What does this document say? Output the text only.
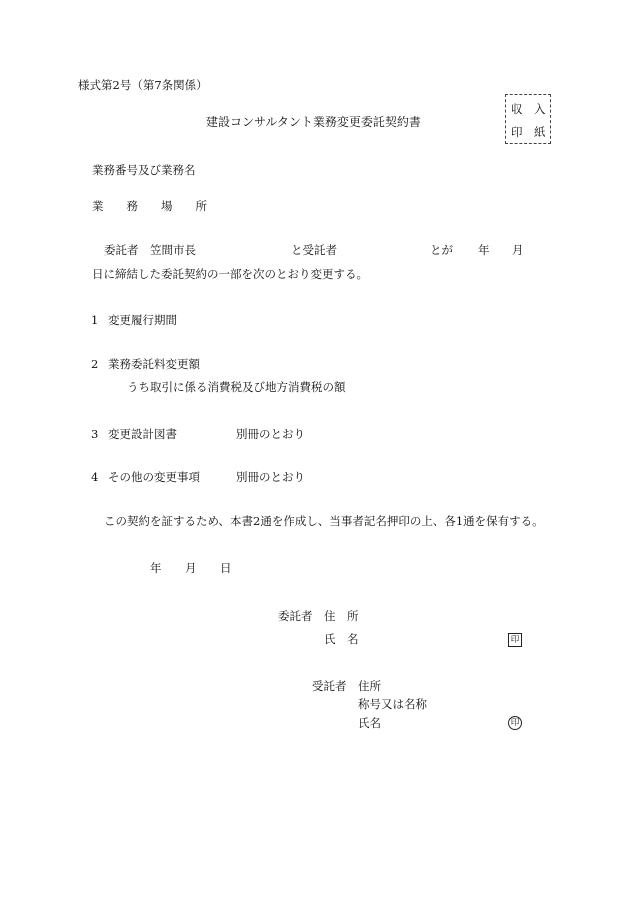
様式第2号（第7条関係）
建設コンサルタント業務変更委託契約書
収　入
印　紙
業務番号及び業務名
業　　務　　場　　所
委託者 笠間市長	と受託者	とが 年 月
日に締結した委託契約の一部を次のとおり変更する。
1 変更履行期間
2 業務委託料変更額
うち取引に係る消費税及び地方消費税の額
3 変更設計図書	別冊のとおり
4 その他の変更事項	別冊のとおり
この契約を証するため、本書2通を作成し、当事者記名押印の上、各1通を保有する。
年 月 日
委託者 住　所
氏　名	印
受託者 住所
称号又は名称
氏名	印
